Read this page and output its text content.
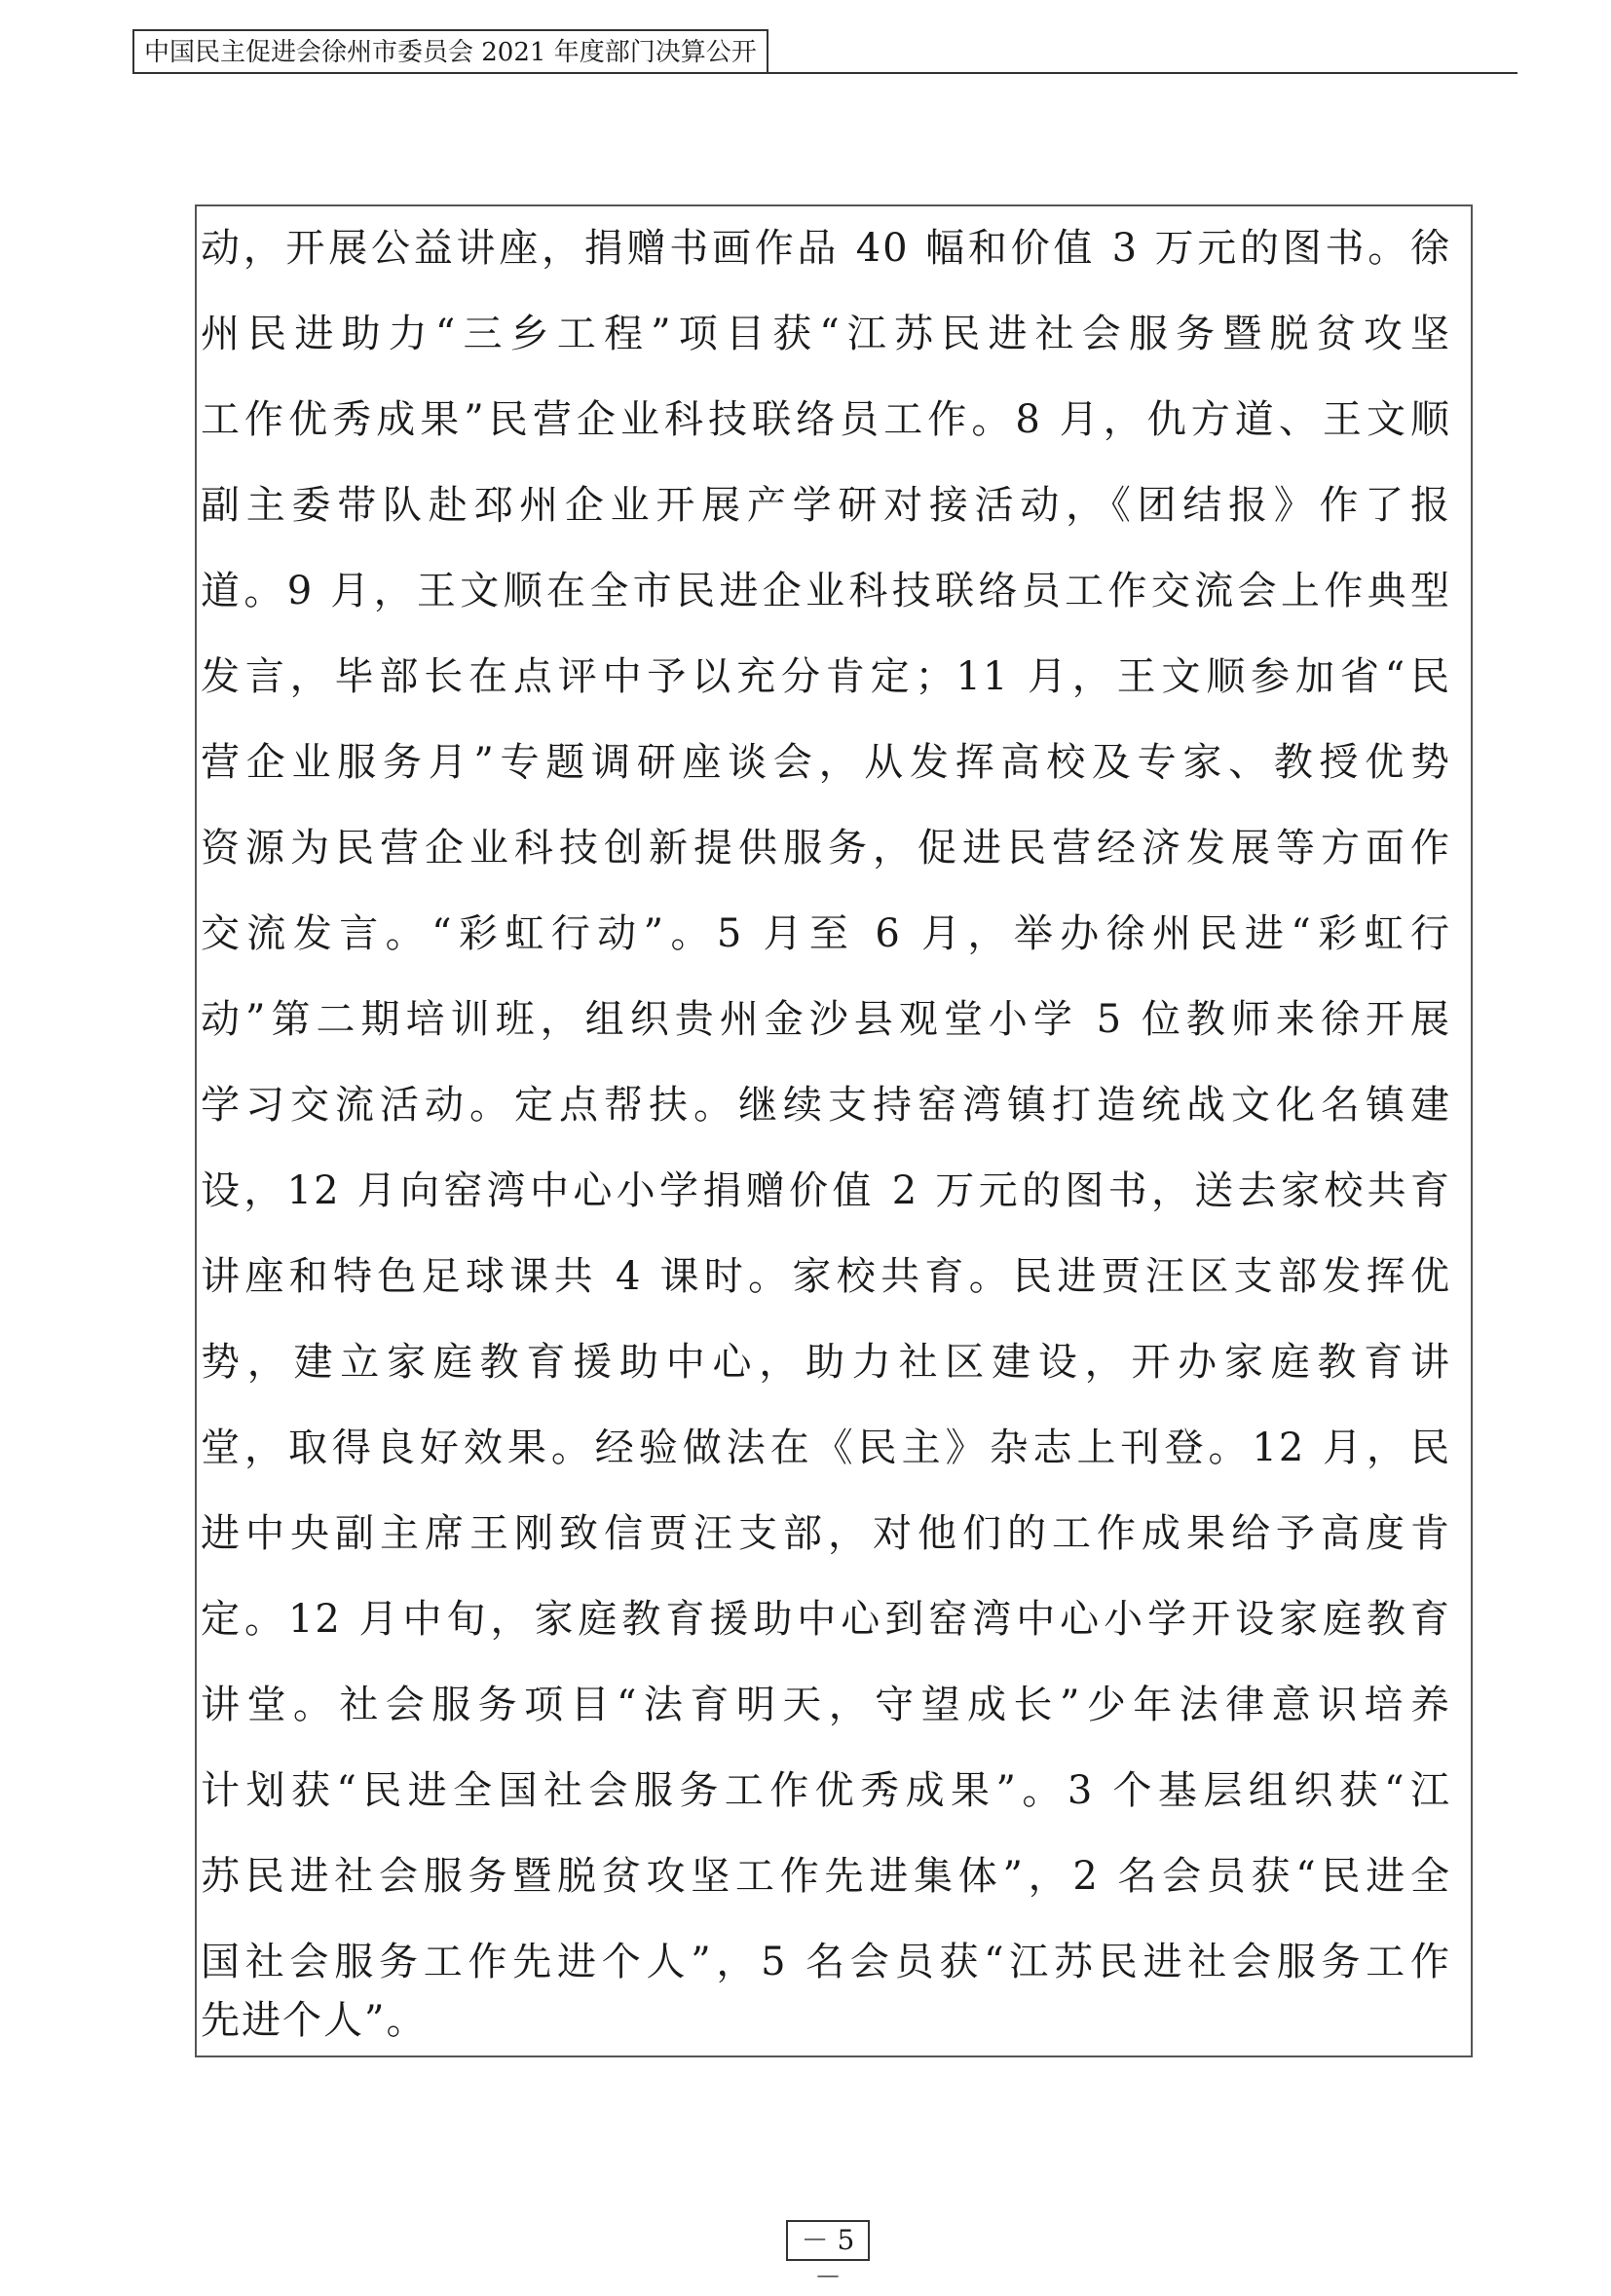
中国民主促进会徐州市委员会 2021 年度部门决算公开
动，开展公益讲座，捐赠书画作品 40 幅和价值 3 万元的图书。徐
州民进助力“三乡工程”项目获“江苏民进社会服务暨脱贫攻坚
工作优秀成果”民营企业科技联络员工作。8 月，仇方道、王文顺
副主委带队赴邳州企业开展产学研对接活动，《团结报》作了报
道。9 月，王文顺在全市民进企业科技联络员工作交流会上作典型
发言，毕部长在点评中予以充分肯定；11 月，王文顺参加省“民
营企业服务月”专题调研座谈会，从发挥高校及专家、教授优势
资源为民营企业科技创新提供服务，促进民营经济发展等方面作
交流发言。“彩虹行动”。5 月至 6 月，举办徐州民进“彩虹行
动”第二期培训班，组织贵州金沙县观堂小学 5 位教师来徐开展
学习交流活动。定点帮扶。继续支持窑湾镇打造统战文化名镇建
设，12 月向窑湾中心小学捐赠价值 2 万元的图书，送去家校共育
讲座和特色足球课共 4 课时。家校共育。民进贾汪区支部发挥优
势，建立家庭教育援助中心，助力社区建设，开办家庭教育讲
堂，取得良好效果。经验做法在《民主》杂志上刊登。12 月，民
进中央副主席王刚致信贾汪支部，对他们的工作成果给予高度肯
定。12 月中旬，家庭教育援助中心到窑湾中心小学开设家庭教育
讲堂。社会服务项目“法育明天，守望成长”少年法律意识培养
计划获“民进全国社会服务工作优秀成果”。3 个基层组织获“江
苏民进社会服务暨脱贫攻坚工作先进集体”，2 名会员获“民进全
国社会服务工作先进个人”，5 名会员获“江苏民进社会服务工作
先进个人”。
－ 5 －
